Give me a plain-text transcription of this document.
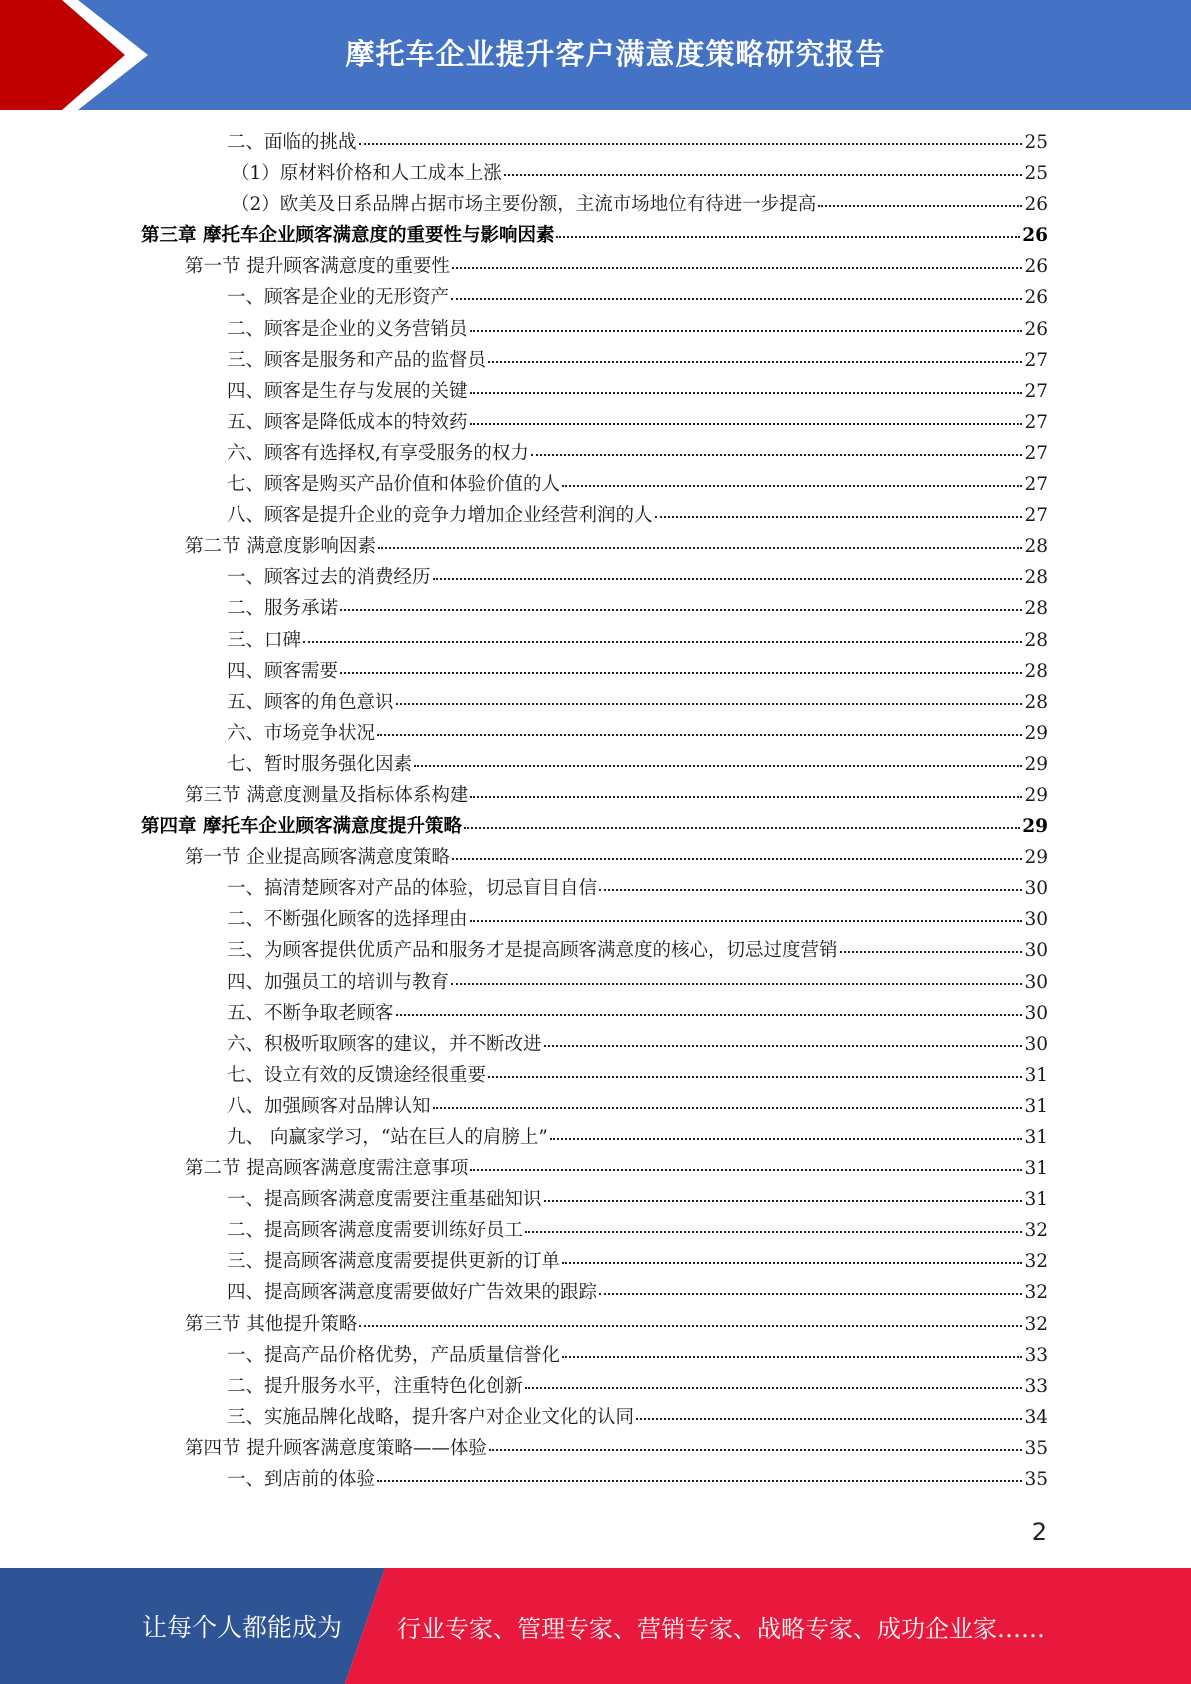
摩托车企业提升客户满意度策略研究报告
二、面临的挑战	25
（1）原材料价格和人工成本上涨	25
（2）欧美及日系品牌占据市场主要份额，主流市场地位有待进一步提高	26
第三章 摩托车企业顾客满意度的重要性与影响因素	26
第一节 提升顾客满意度的重要性	26
一、顾客是企业的无形资产	26
二、顾客是企业的义务营销员	26
三、顾客是服务和产品的监督员	27
四、顾客是生存与发展的关键	27
五、顾客是降低成本的特效药	27
六、顾客有选择权,有享受服务的权力	27
七、顾客是购买产品价值和体验价值的人	27
八、顾客是提升企业的竞争力增加企业经营利润的人	27
第二节 满意度影响因素	28
一、顾客过去的消费经历	28
二、服务承诺	28
三、口碑	28
四、顾客需要	28
五、顾客的角色意识	28
六、市场竞争状况	29
七、暂时服务强化因素	29
第三节 满意度测量及指标体系构建	29
第四章 摩托车企业顾客满意度提升策略	29
第一节 企业提高顾客满意度策略	29
一、搞清楚顾客对产品的体验，切忌盲目自信	30
二、不断强化顾客的选择理由	30
三、为顾客提供优质产品和服务才是提高顾客满意度的核心，切忌过度营销	30
四、加强员工的培训与教育	30
五、不断争取老顾客	30
六、积极听取顾客的建议，并不断改进	30
七、设立有效的反馈途经很重要	31
八、加强顾客对品牌认知	31
九、 向赢家学习，“站在巨人的肩膀上”	31
第二节 提高顾客满意度需注意事项	31
一、提高顾客满意度需要注重基础知识	31
二、提高顾客满意度需要训练好员工	32
三、提高顾客满意度需要提供更新的订单	32
四、提高顾客满意度需要做好广告效果的跟踪	32
第三节 其他提升策略	32
一、提高产品价格优势，产品质量信誉化	33
二、提升服务水平，注重特色化创新	33
三、实施品牌化战略，提升客户对企业文化的认同	34
第四节 提升顾客满意度策略——体验	35
一、到店前的体验	35
2
让每个人都能成为 行业专家、管理专家、营销专家、战略专家、成功企业家……
